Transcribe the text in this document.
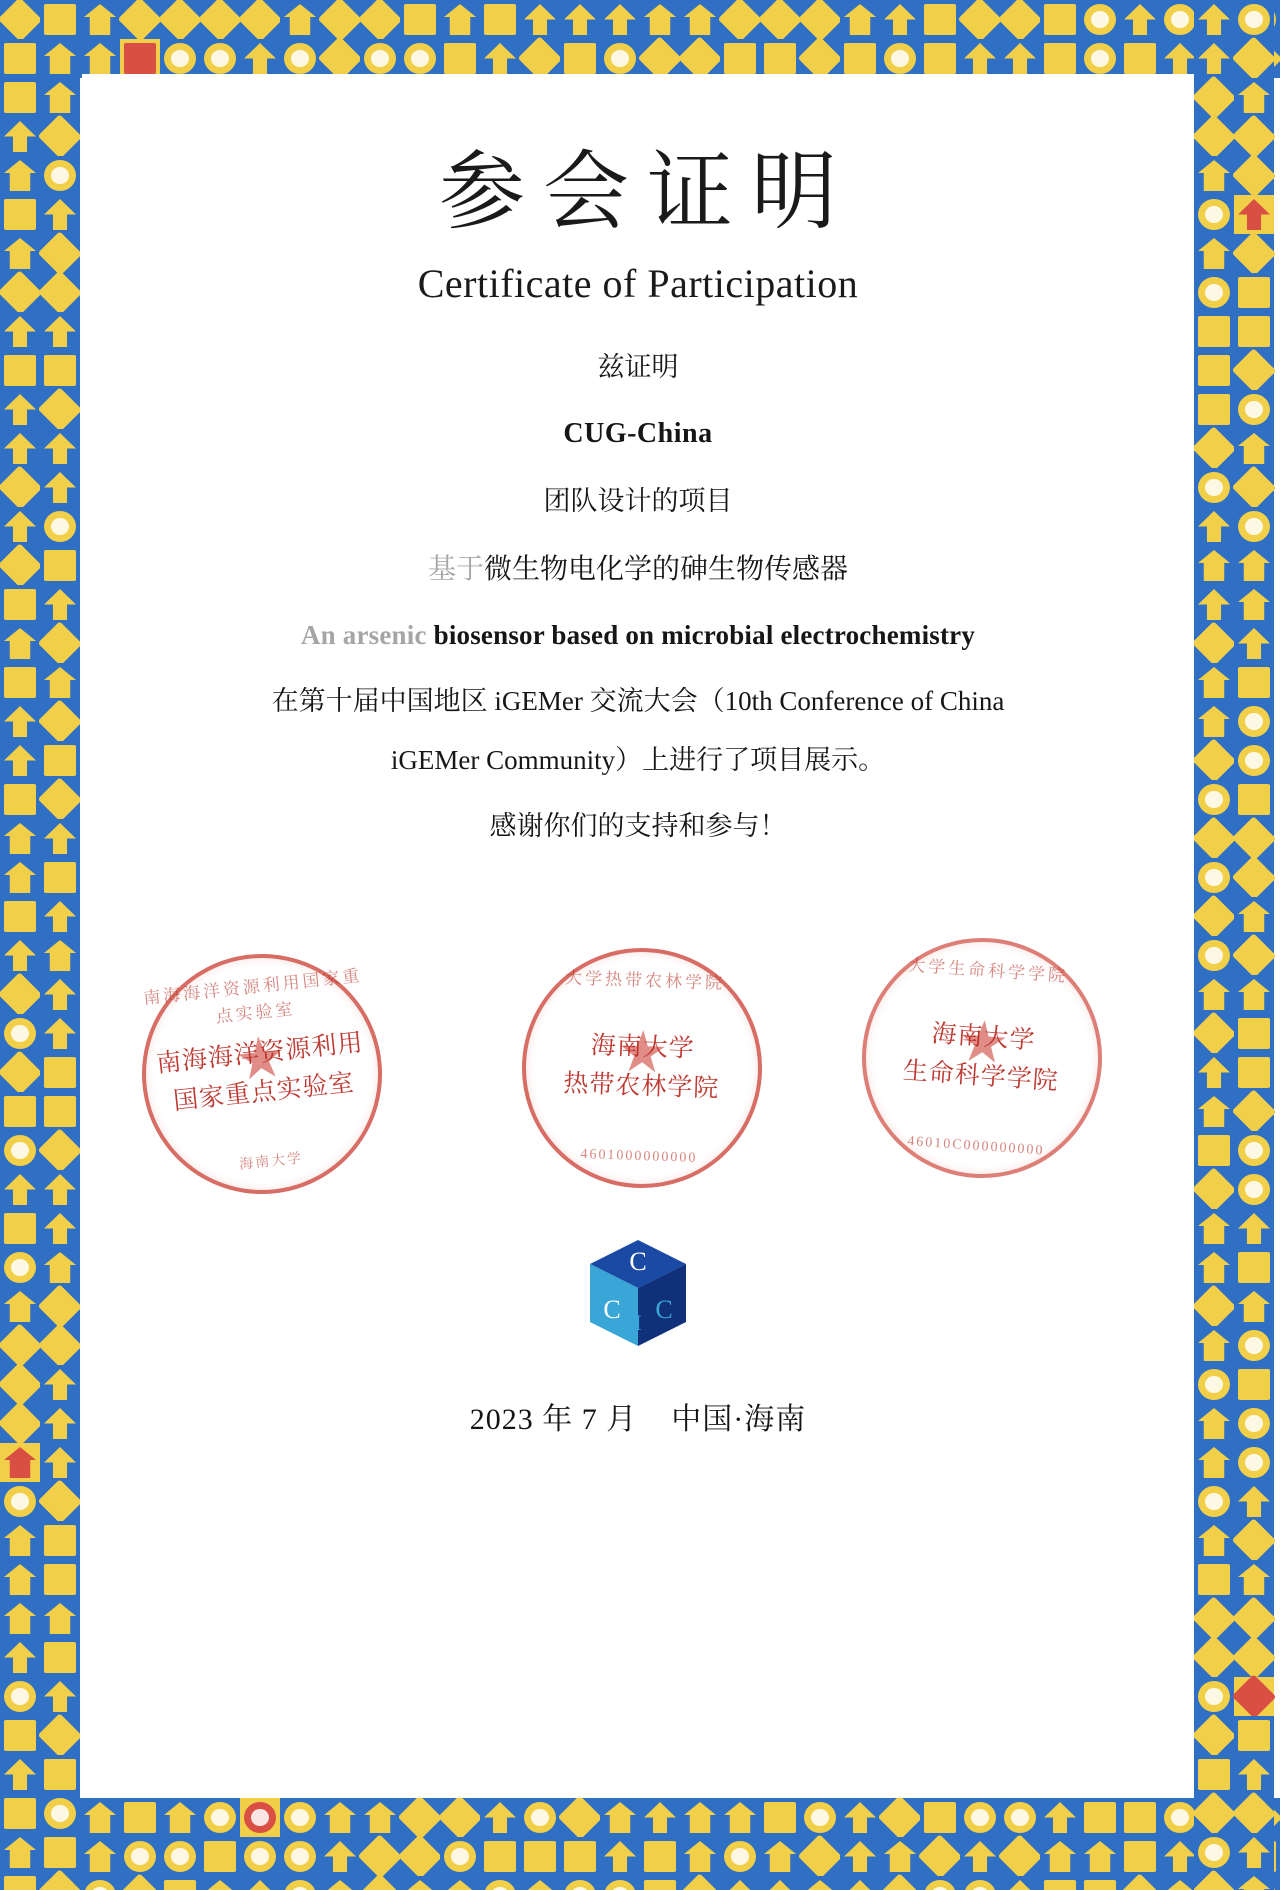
参会证明
Certificate of Participation
兹证明
CUG-China
团队设计的项目
基于微生物电化学的砷生物传感器
An arsenic biosensor based on microbial electrochemistry
在第十届中国地区 iGEMer 交流大会（10th Conference of China
iGEMer Community）上进行了项目展示。
感谢你们的支持和参与！
南海海洋资源利用国家重点实验室
南海海洋资源利用
国家重点实验室
海南大学
大学热带农林学院
海南大学
热带农林学院
4601000000000
大学生命科学学院
海南大学
生命科学学院
46010C000000000
C
C I C
2023 年 7 月 中国·海南
